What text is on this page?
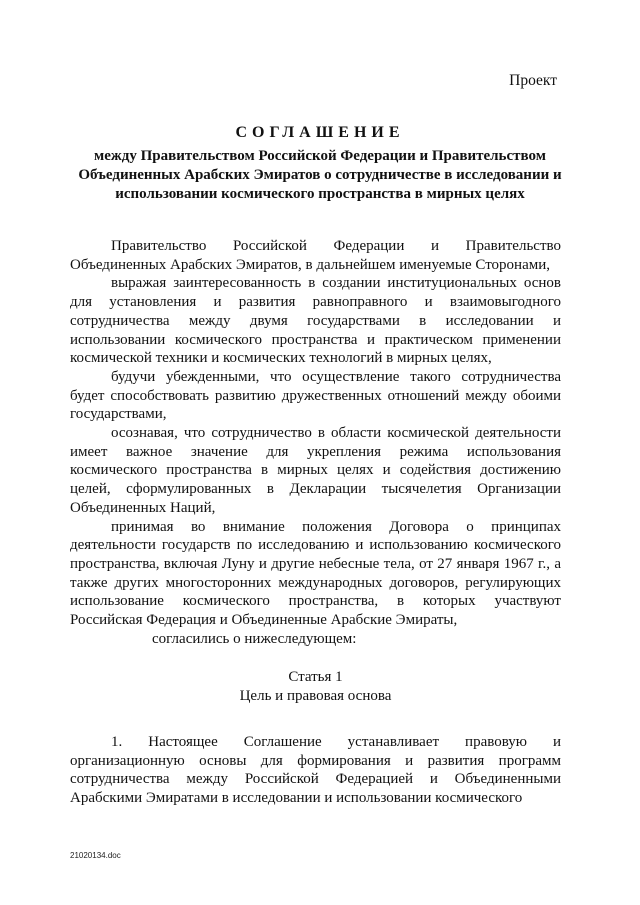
Проект
СОГЛАШЕНИЕ
между Правительством Российской Федерации и Правительством Объединенных Арабских Эмиратов о сотрудничестве в исследовании и использовании космического пространства в мирных целях

Правительство Российской Федерации и Правительство Объединенных Арабских Эмиратов, в дальнейшем именуемые Сторонами,

выражая заинтересованность в создании институциональных основ для установления и развития равноправного и взаимовыгодного сотрудничества между двумя государствами в исследовании и использовании космического пространства и практическом применении космической техники и космических технологий в мирных целях,

будучи убежденными, что осуществление такого сотрудничества будет способствовать развитию дружественных отношений между обоими государствами,

осознавая, что сотрудничество в области космической деятельности имеет важное значение для укрепления режима использования космического пространства в мирных целях и содействия достижению целей, сформулированных в Декларации тысячелетия Организации Объединенных Наций,

принимая во внимание положения Договора о принципах деятельности государств по исследованию и использованию космического пространства, включая Луну и другие небесные тела, от 27 января 1967 г., а также других многосторонних международных договоров, регулирующих использование космического пространства, в которых участвуют Российская Федерация и Объединенные Арабские Эмираты,

согласились о нижеследующем:

Статья 1

Цель и правовая основа

1. Настоящее Соглашение устанавливает правовую и организационную основы для формирования и развития программ сотрудничества между Российской Федерацией и Объединенными Арабскими Эмиратами в исследовании и использовании космического

21020134.doc
